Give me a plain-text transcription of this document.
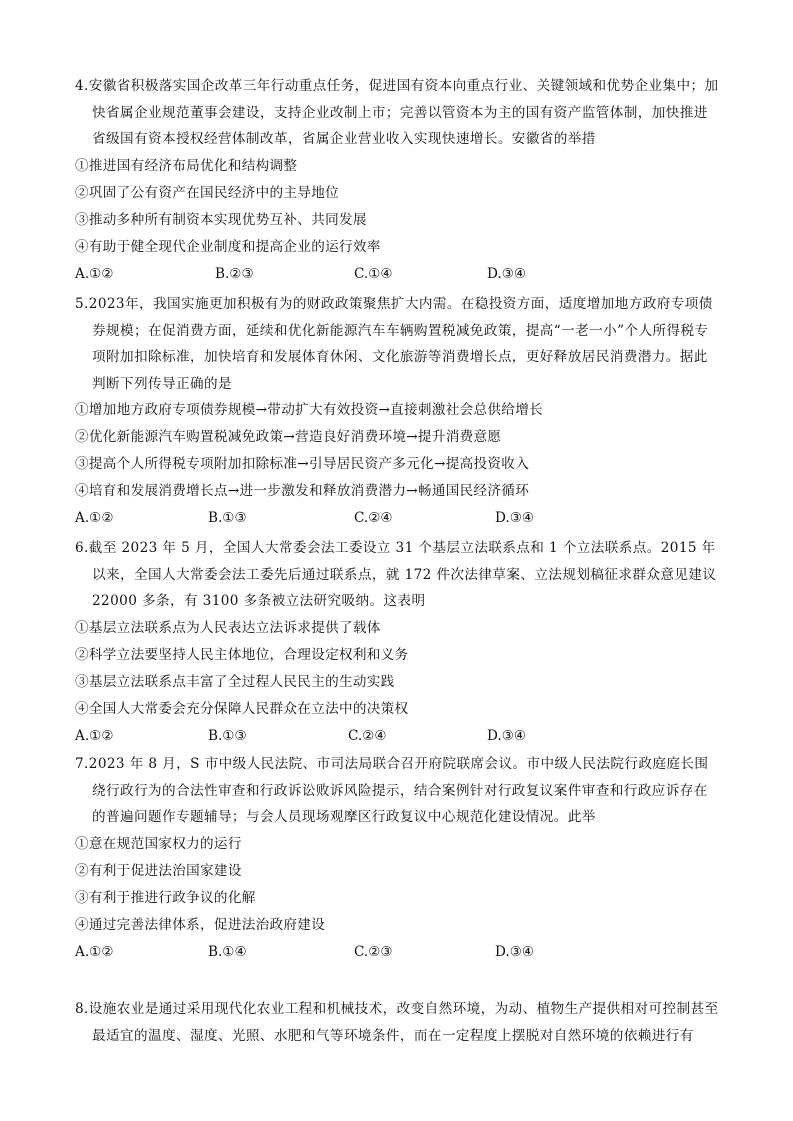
4.安徽省积极落实国企改革三年行动重点任务，促进国有资本向重点行业、关键领域和优势企业集中；加快省属企业规范董事会建设，支持企业改制上市；完善以管资本为主的国有资产监管体制，加快推进省级国有资本授权经营体制改革，省属企业营业收入实现快速增长。安徽省的举措

①推进国有经济布局优化和结构调整

②巩固了公有资产在国民经济中的主导地位

③推动多种所有制资本实现优势互补、共同发展

④有助于健全现代企业制度和提高企业的运行效率

A.①②	B.②③	C.①④	D.③④

5.2023年，我国实施更加积极有为的财政政策聚焦扩大内需。在稳投资方面，适度增加地方政府专项债券规模；在促消费方面，延续和优化新能源汽车车辆购置税减免政策，提高“一老一小”个人所得税专项附加扣除标准，加快培育和发展体育休闲、文化旅游等消费增长点，更好释放居民消费潜力。据此判断下列传导正确的是

①增加地方政府专项债券规模→带动扩大有效投资→直接刺激社会总供给增长

②优化新能源汽车购置税减免政策→营造良好消费环境→提升消费意愿

③提高个人所得税专项附加扣除标准→引导居民资产多元化→提高投资收入

④培育和发展消费增长点→进一步激发和释放消费潜力→畅通国民经济循环

A.①②	B.①③	C.②④	D.③④

6.截至 2023 年 5 月，全国人大常委会法工委设立 31 个基层立法联系点和 1 个立法联系点。2015 年以来，全国人大常委会法工委先后通过联系点，就 172 件次法律草案、立法规划稿征求群众意见建议 22000 多条，有 3100 多条被立法研究吸纳。这表明

①基层立法联系点为人民表达立法诉求提供了载体

②科学立法要坚持人民主体地位，合理设定权利和义务

③基层立法联系点丰富了全过程人民民主的生动实践

④全国人大常委会充分保障人民群众在立法中的决策权

A.①②	B.①③	C.②④	D.③④

7.2023 年 8 月，S 市中级人民法院、市司法局联合召开府院联席会议。市中级人民法院行政庭庭长围绕行政行为的合法性审查和行政诉讼败诉风险提示，结合案例针对行政复议案件审查和行政应诉存在的普遍问题作专题辅导；与会人员现场观摩区行政复议中心规范化建设情况。此举

①意在规范国家权力的运行

②有利于促进法治国家建设

③有利于推进行政争议的化解

④通过完善法律体系，促进法治政府建设

A.①②	B.①④	C.②③	D.③④

8.设施农业是通过采用现代化农业工程和机械技术，改变自然环境，为动、植物生产提供相对可控制甚至最适宜的温度、湿度、光照、水肥和气等环境条件，而在一定程度上摆脱对自然环境的依赖进行有
